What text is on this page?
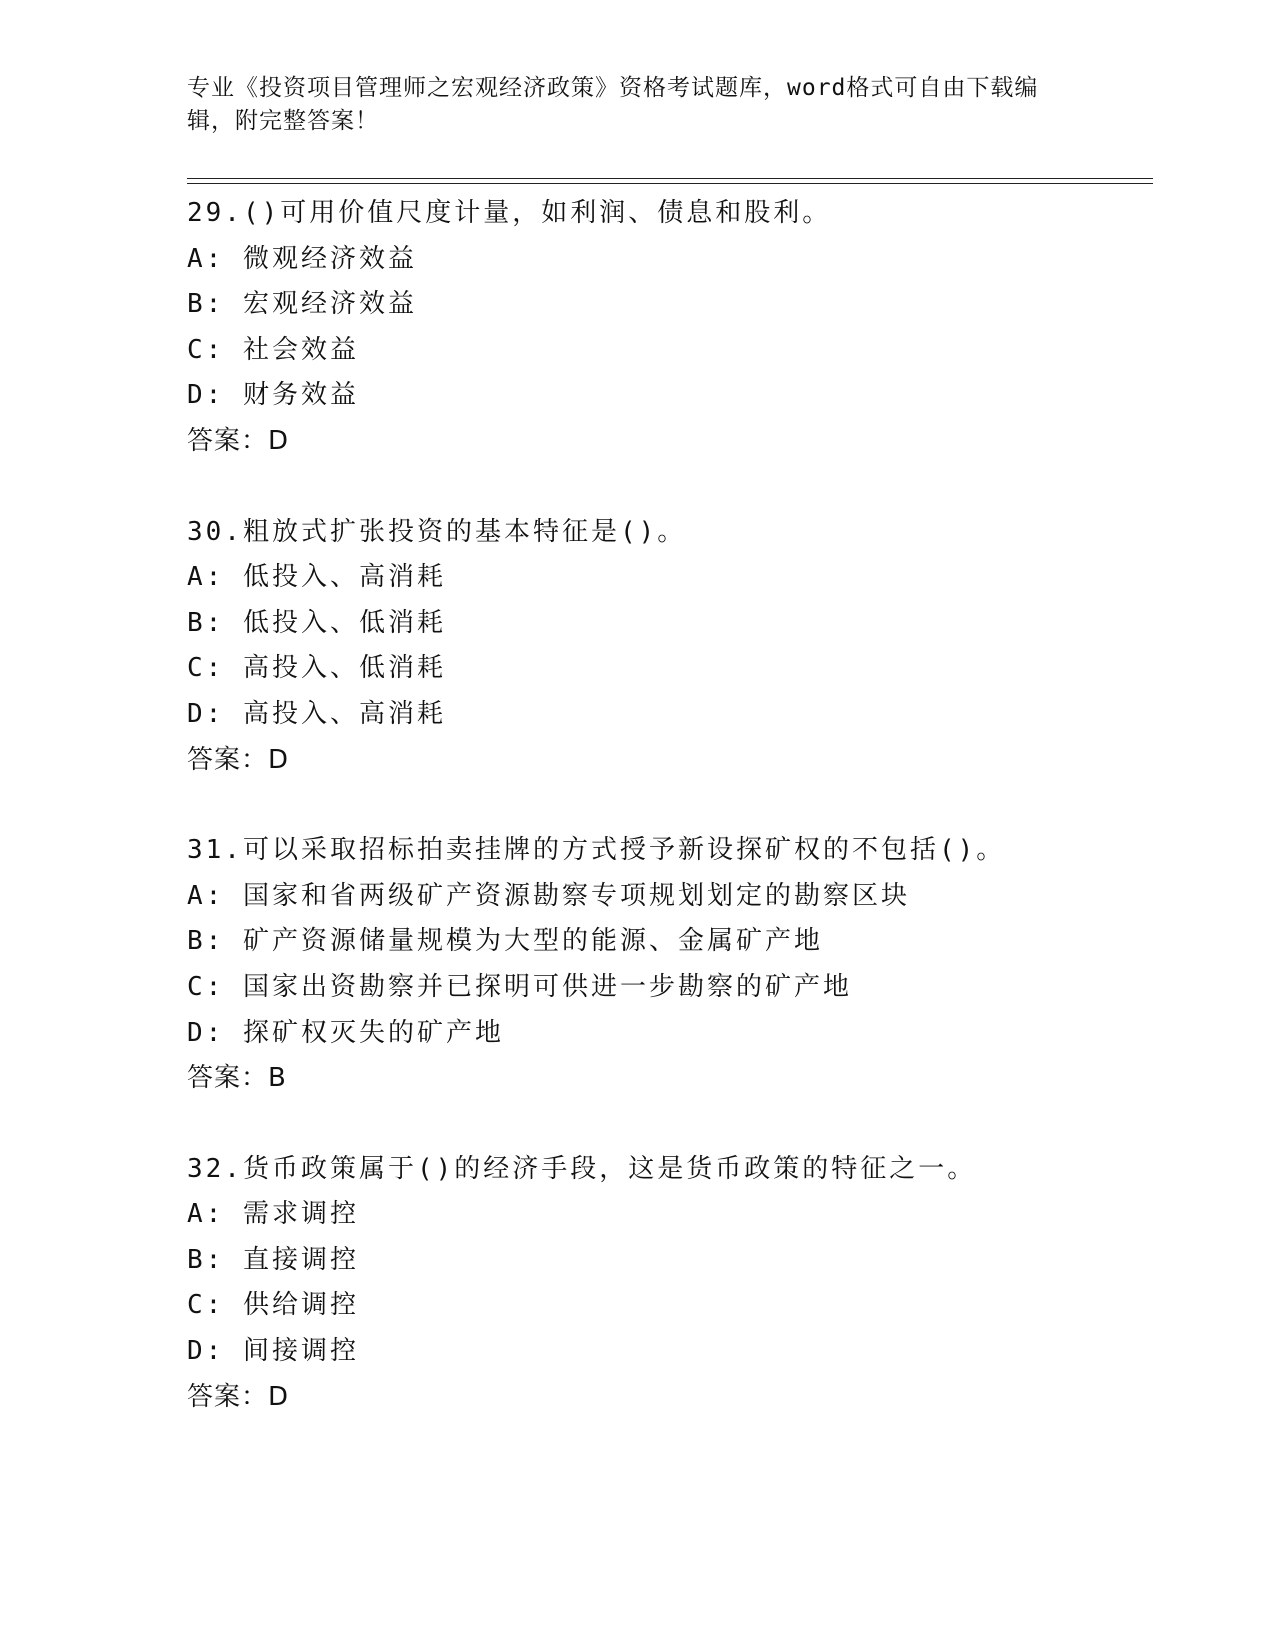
专业《投资项目管理师之宏观经济政策》资格考试题库，word格式可自由下载编辑，附完整答案！
29.()可用价值尺度计量，如利润、债息和股利。
A: 微观经济效益
B: 宏观经济效益
C: 社会效益
D: 财务效益
答案：D
30.粗放式扩张投资的基本特征是()。
A: 低投入、高消耗
B: 低投入、低消耗
C: 高投入、低消耗
D: 高投入、高消耗
答案：D
31.可以采取招标拍卖挂牌的方式授予新设探矿权的不包括()。
A: 国家和省两级矿产资源勘察专项规划划定的勘察区块
B: 矿产资源储量规模为大型的能源、金属矿产地
C: 国家出资勘察并已探明可供进一步勘察的矿产地
D: 探矿权灭失的矿产地
答案：B
32.货币政策属于()的经济手段，这是货币政策的特征之一。
A: 需求调控
B: 直接调控
C: 供给调控
D: 间接调控
答案：D
